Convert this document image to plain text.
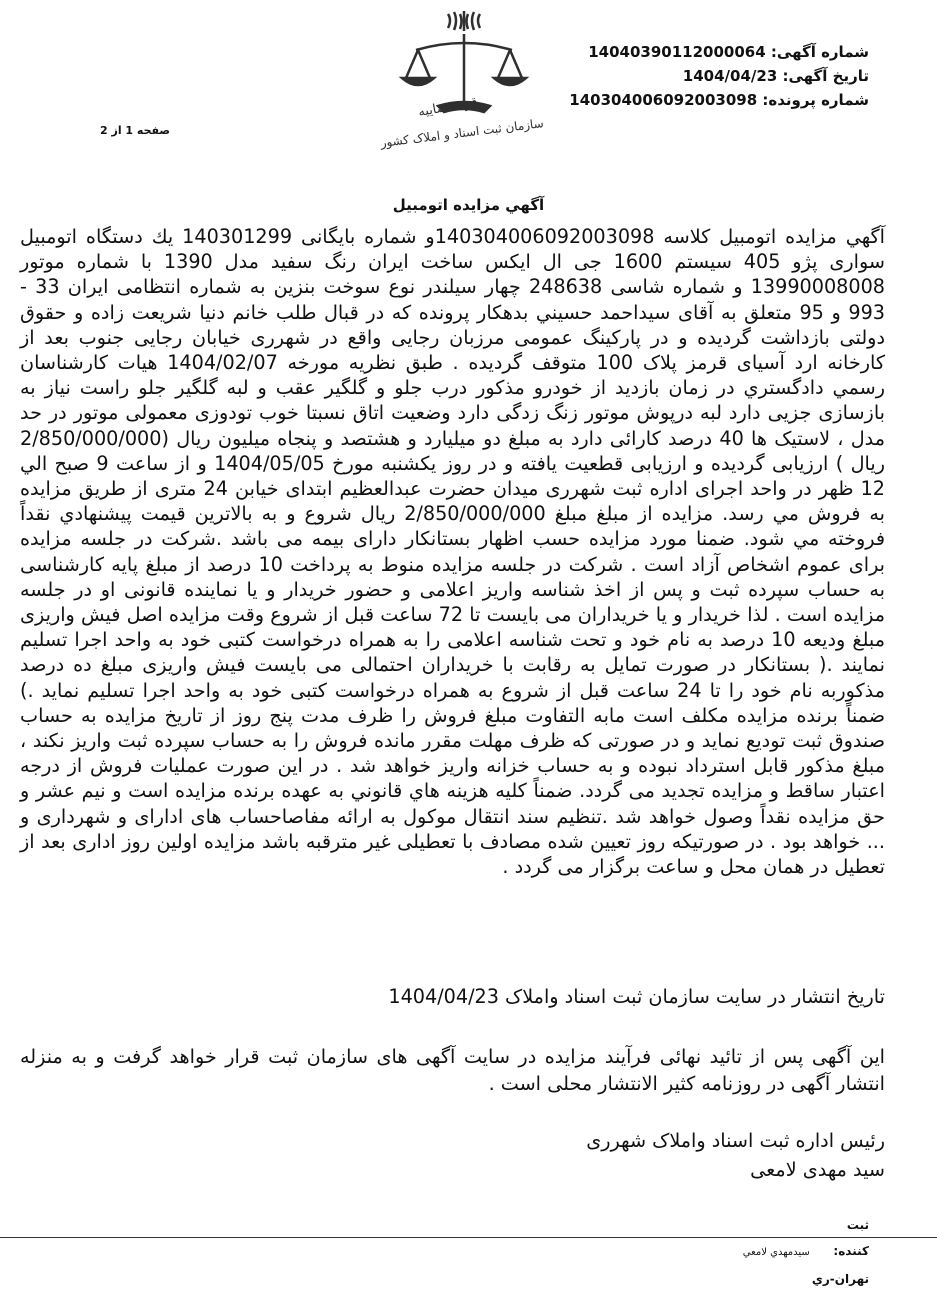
قوه قضاییه
سازمان ثبت اسناد و املاک کشور
شماره آگهی: 14040390112000064
تاریخ آگهی: 1404/04/23
شماره پرونده: 140304006092003098
صفحه 1 از 2
آگهي مزايده اتومبيل

آگهي مزايده اتومبيل كلاسه 140304006092003098و شماره بایگانی 140301299 يك دستگاه اتومبیل سواری پژو 405 سیستم 1600 جی ال ایکس ساخت ایران رنگ سفید مدل 1390 با شماره موتور 13990008008 و شماره شاسی 248638 چهار سیلندر نوع سوخت بنزین به شماره انتظامی ایران 33 - 993 و 95 متعلق به آقای سیداحمد حسيني بدهکار پرونده که در قبال طلب خانم دنيا شریعت زاده و حقوق دولتی بازداشت گردیده و در پارکینگ عمومی مرزبان رجایی واقع در شهرری خیابان رجایی جنوب بعد از کارخانه ارد آسیای قرمز پلاک 100 متوقف گردیده . طبق نظریه مورخه 1404/02/07 هيات كارشناسان رسمي دادگستري در زمان بازدید از خودرو مذکور درب جلو و گلگیر عقب و لبه گلگیر جلو راست نیاز به بازسازی جزیی دارد لبه درپوش موتور زنگ زدگی دارد وضعیت اتاق نسبتا خوب تودوزی معمولی موتور در حد مدل ، لاستیک ها 40 درصد کارائی دارد به مبلغ دو میلیارد و هشتصد و پنجاه میلیون ريال (2/850/000/000 ريال ) ارزیابی گردیده و ارزیابی قطعیت یافته و در روز یکشنبه مورخ 1404/05/05 و از ساعت 9 صبح الي 12 ظهر در واحد اجرای اداره ثبت شهرری ميدان حضرت عبدالعظیم ابتدای خیابن 24 متری از طريق مزايده به فروش مي رسد. مزايده از مبلغ مبلغ 2/850/000/000 ريال شروع و به بالاترين قيمت پيشنهادي نقداً فروخته مي شود. ضمنا مورد مزایده حسب اظهار بستانکار دارای بیمه می باشد .شرکت در جلسه مزایده برای عموم اشخاص آزاد است . شرکت در جلسه مزایده منوط به پرداخت 10 درصد از مبلغ پایه کارشناسی به حساب سپرده ثبت و پس از اخذ شناسه واریز اعلامی و حضور خریدار و یا نماینده قانونی او در جلسه مزایده است . لذا خریدار و یا خریداران می بایست تا 72 ساعت قبل از شروع وقت مزایده اصل فیش واریزی مبلغ ودیعه 10 درصد به نام خود و تحت شناسه اعلامی را به همراه درخواست کتبی خود به واحد اجرا تسلیم نمایند .( بستانکار در صورت تمایل به رقابت با خریداران احتمالی می بایست فیش واریزی مبلغ ده درصد مذکوربه نام خود را تا 24 ساعت قبل از شروع به همراه درخواست کتبی خود به واحد اجرا تسلیم نماید .) ضمناً برنده مزایده مکلف است مابه التفاوت مبلغ فروش را ظرف مدت پنج روز از تاریخ مزایده به حساب صندوق ثبت تودیع نماید و در صورتی که ظرف مهلت مقرر مانده فروش را به حساب سپرده ثبت واریز نکند ، مبلغ مذکور قابل استرداد نبوده و به حساب خزانه واریز خواهد شد . در این صورت عملیات فروش از درجه اعتبار ساقط و مزایده تجدید می گردد. ضمناً كليه هزينه هاي قانوني به عهده برنده مزايده است و نیم عشر و حق مزایده نقداً وصول خواهد شد .تنظیم سند انتقال موکول به ارائه مفاصاحساب های ادارای و شهرداری و ... خواهد بود . در صورتیکه روز تعیین شده مصادف با تعطیلی غیر مترقبه باشد مزایده اولین روز اداری بعد از تعطیل در همان محل و ساعت برگزار می گردد .

تاریخ انتشار در سایت سازمان ثبت اسناد واملاک 1404/04/23
این آگهی پس از تائید نهائی فرآیند مزایده در سایت آگهی های سازمان ثبت قرار خواهد گرفت و به منزله انتشار آگهی در روزنامه کثیر الانتشار محلی است .
رئيس اداره ثبت اسناد واملاک شهرری
سید مهدی لامعی
ثبت کننده: سیدمهدي لامعي
تهران-ري
